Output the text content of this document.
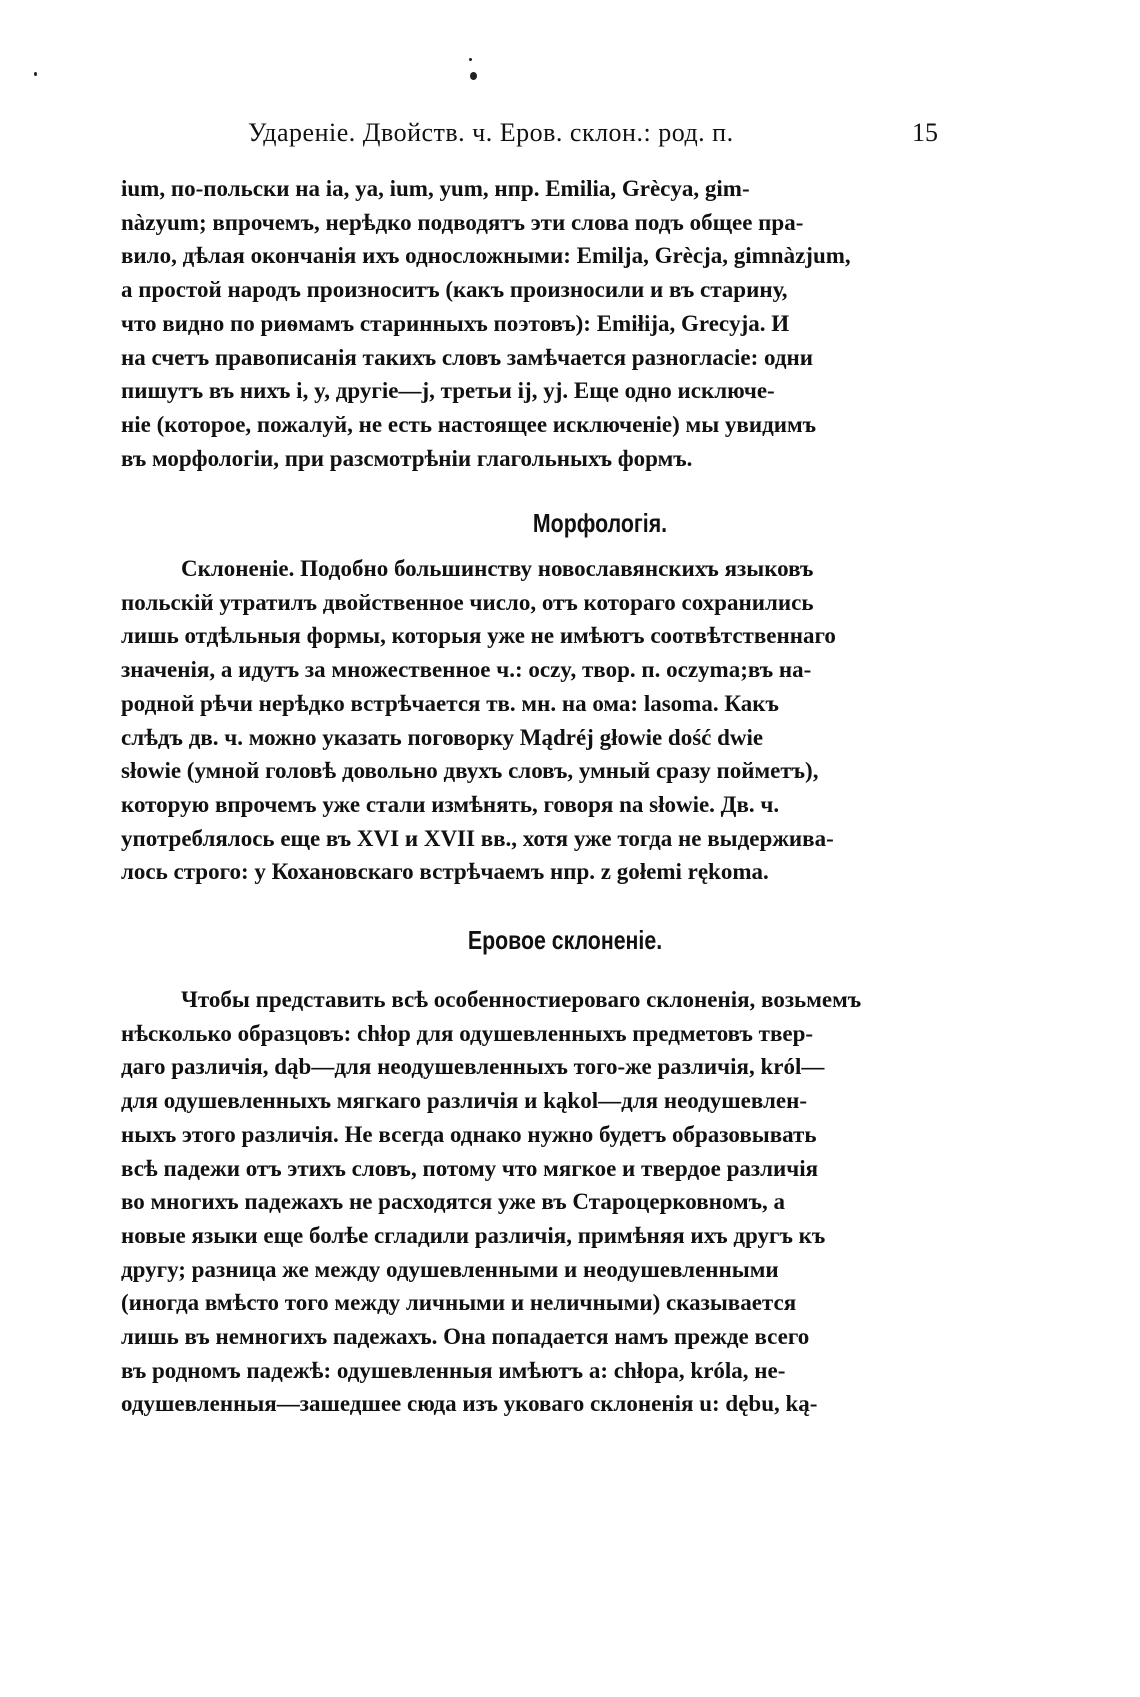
Удареніе. Двойств. ч. Еров. склон.: род. п.	15
ium, по-польски на ia, ya, ium, yum, нпр. Emilia, Grècya, gim-
nàzyum; впрочемъ, нерѣдко подводятъ эти слова подъ общее пра-
вило, дѣлая окончанія ихъ односложными: Emilja, Grècja, gimnàzjum,
а простой народъ произноситъ (какъ произносили и въ старину,
что видно по риѳмамъ старинныхъ поэтовъ): Emiłija, Grecyja. И
на счетъ правописанія такихъ словъ замѣчается разногласіе: одни
пишутъ въ нихъ i, y, другіе—j, третьи ij, yj. Еще одно исключе-
ніе (которое, пожалуй, не есть настоящее исключеніе) мы увидимъ
въ морфологіи, при разсмотрѣніи глагольныхъ формъ.
Морфологія.
Склоненіе. Подобно большинству новославянскихъ языковъ
польскій утратилъ двойственное число, отъ котораго сохранились
лишь отдѣльныя формы, которыя уже не имѣютъ соотвѣтственнаго
значенія, а идутъ за множественное ч.: oczy, твор. п. oczyma;въ на-
родной рѣчи нерѣдко встрѣчается тв. мн. на ома: lasoma. Какъ
слѣдъ дв. ч. можно указать поговорку Mądréj głowie dość dwie
słowie (умной головѣ довольно двухъ словъ, умный сразу пойметъ),
которую впрочемъ уже стали измѣнять, говоря na słowie. Дв. ч.
употреблялось еще въ XVI и XVII вв., хотя уже тогда не выдержива-
лось строго: у Кохановскаго встрѣчаемъ нпр. z gołemi rękoma.
Еровое склоненіе.
Чтобы представить всѣ особенностиероваго склоненія, возьмемъ
нѣсколько образцовъ: chłop для одушевленныхъ предметовъ твер-
даго различія, dąb—для неодушевленныхъ того-же различія, król—
для одушевленныхъ мягкаго различія и kąkol—для неодушевлен-
ныхъ этого различія. Не всегда однако нужно будетъ образовывать
всѣ падежи отъ этихъ словъ, потому что мягкое и твердое различія
во многихъ падежахъ не расходятся уже въ Староцерковномъ, а
новые языки еще болѣе сгладили различія, примѣняя ихъ другъ къ
другу; разница же между одушевленными и неодушевленными
(иногда вмѣсто того между личными и неличными) сказывается
лишь въ немногихъ падежахъ. Она попадается намъ прежде всего
въ родномъ падежѣ: одушевленныя имѣютъ а: chłopa, króla, не-
одушевленныя—зашедшее сюда изъ уковаго склоненія u: dębu, ką-
